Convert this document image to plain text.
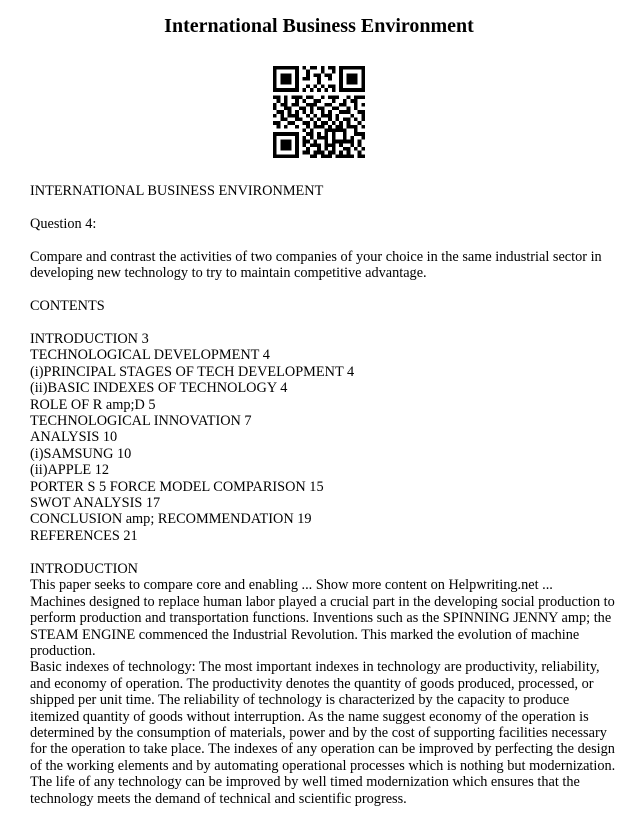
International Business Environment
INTERNATIONAL BUSINESS ENVIRONMENT
Question 4:
Compare and contrast the activities of two companies of your choice in the same industrial sector in
developing new technology to try to maintain competitive advantage.
CONTENTS
INTRODUCTION 3
TECHNOLOGICAL DEVELOPMENT 4
(i)PRINCIPAL STAGES OF TECH DEVELOPMENT 4
(ii)BASIC INDEXES OF TECHNOLOGY 4
ROLE OF R amp;D 5
TECHNOLOGICAL INNOVATION 7
ANALYSIS 10
(i)SAMSUNG 10
(ii)APPLE 12
PORTER S 5 FORCE MODEL COMPARISON 15
SWOT ANALYSIS 17
CONCLUSION amp; RECOMMENDATION 19
REFERENCES 21
INTRODUCTION
This paper seeks to compare core and enabling ... Show more content on Helpwriting.net ...
Machines designed to replace human labor played a crucial part in the developing social production to
perform production and transportation functions. Inventions such as the SPINNING JENNY amp; the
STEAM ENGINE commenced the Industrial Revolution. This marked the evolution of machine
production.
Basic indexes of technology: The most important indexes in technology are productivity, reliability,
and economy of operation. The productivity denotes the quantity of goods produced, processed, or
shipped per unit time. The reliability of technology is characterized by the capacity to produce
itemized quantity of goods without interruption. As the name suggest economy of the operation is
determined by the consumption of materials, power and by the cost of supporting facilities necessary
for the operation to take place. The indexes of any operation can be improved by perfecting the design
of the working elements and by automating operational processes which is nothing but modernization.
The life of any technology can be improved by well timed modernization which ensures that the
technology meets the demand of technical and scientific progress.
